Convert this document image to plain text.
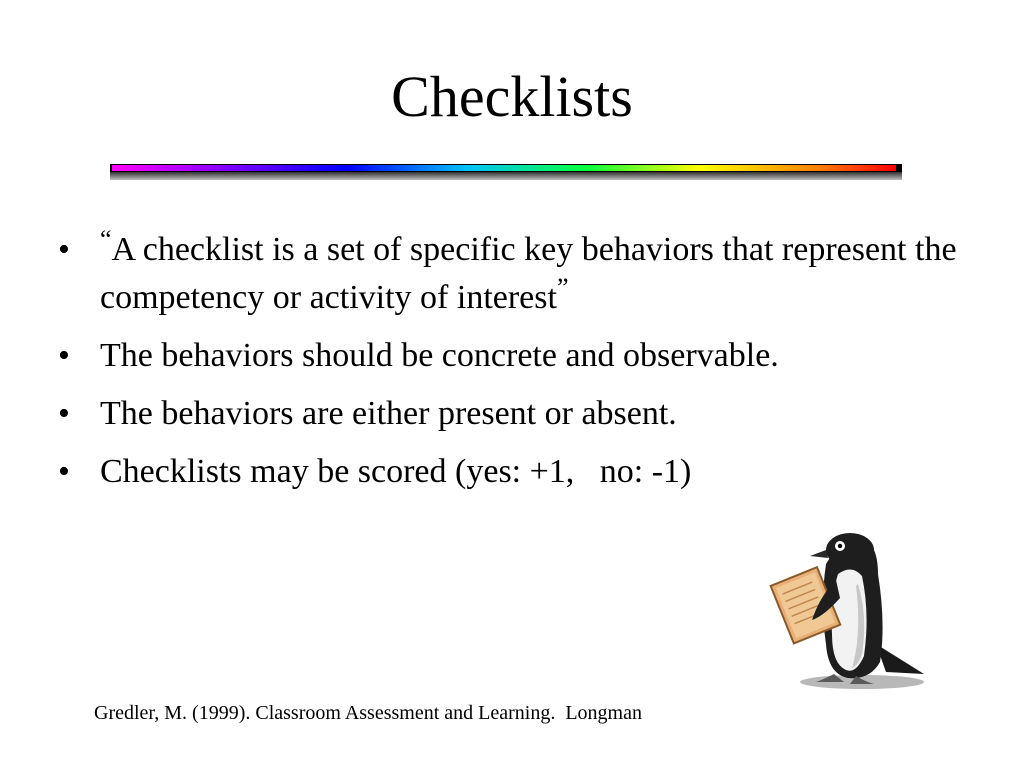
Checklists
•	“A checklist is a set of specific key behaviors that represent the competency or activity of interest”
• The behaviors should be concrete and observable.
• The behaviors are either present or absent.
• Checklists may be scored (yes: +1,   no: -1)
Gredler, M. (1999). Classroom Assessment and Learning.  Longman
